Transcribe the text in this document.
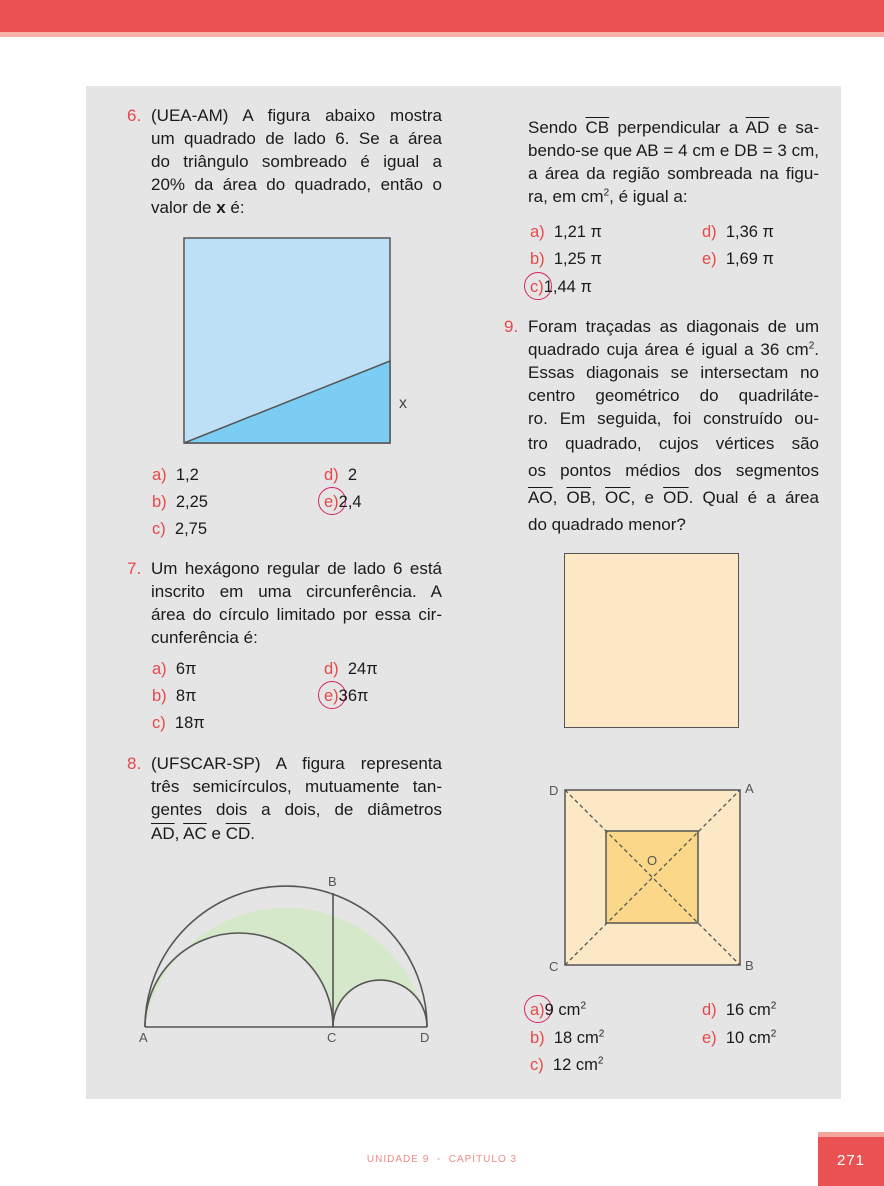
6. (UEA-AM) A figura abaixo mostra
um quadrado de lado 6. Se a área
do triângulo sombreado é igual a
20% da área do quadrado, então o
valor de x é:
x
a) 1,2
b) 2,25
c) 2,75
d) 2
e)2,4
7. Um hexágono regular de lado 6 está
inscrito em uma circunferência. A
área do círculo limitado por essa cir-
cunferência é:
a) 6π
b) 8π
c) 18π
d) 24π
e)36π
8. (UFSCAR-SP) A figura representa
três semicírculos, mutuamente tan-
gentes dois a dois, de diâmetros
$\overline{AD}$, $\overline{AC}$ e $\overline{CD}$.
A
B
C	D
Sendo $\overline{CB}$ perpendicular a $\overline{AD}$ e sa-
bendo-se que AB = 4 cm e DB = 3 cm,
a área da região sombreada na figu-
ra, em $cm^2$, é igual a:
a) 1,21 π
b) 1,25 π
c)1,44 π
d) 1,36 π
e) 1,69 π
9. Foram traçadas as diagonais de um
quadrado cuja área é igual a 36 $cm^2$.
Essas diagonais se intersectam no
centro geométrico do quadriláte-
ro. Em seguida, foi construído ou-
tro quadrado, cujos vértices são
os pontos médios dos segmentos
$\overline{AO}$, $\overline{OB}$, $\overline{OC}$, e $\overline{OD}$. Qual é a área
do quadrado menor?
D	A
C	B
O
a)9 $cm^2$
b) 18 $cm^2$
c) 12 $cm^2$
d) 16 $cm^2$
e) 10 $cm^2$
UNIDADE 9 - CAPÍTULO 3	271
